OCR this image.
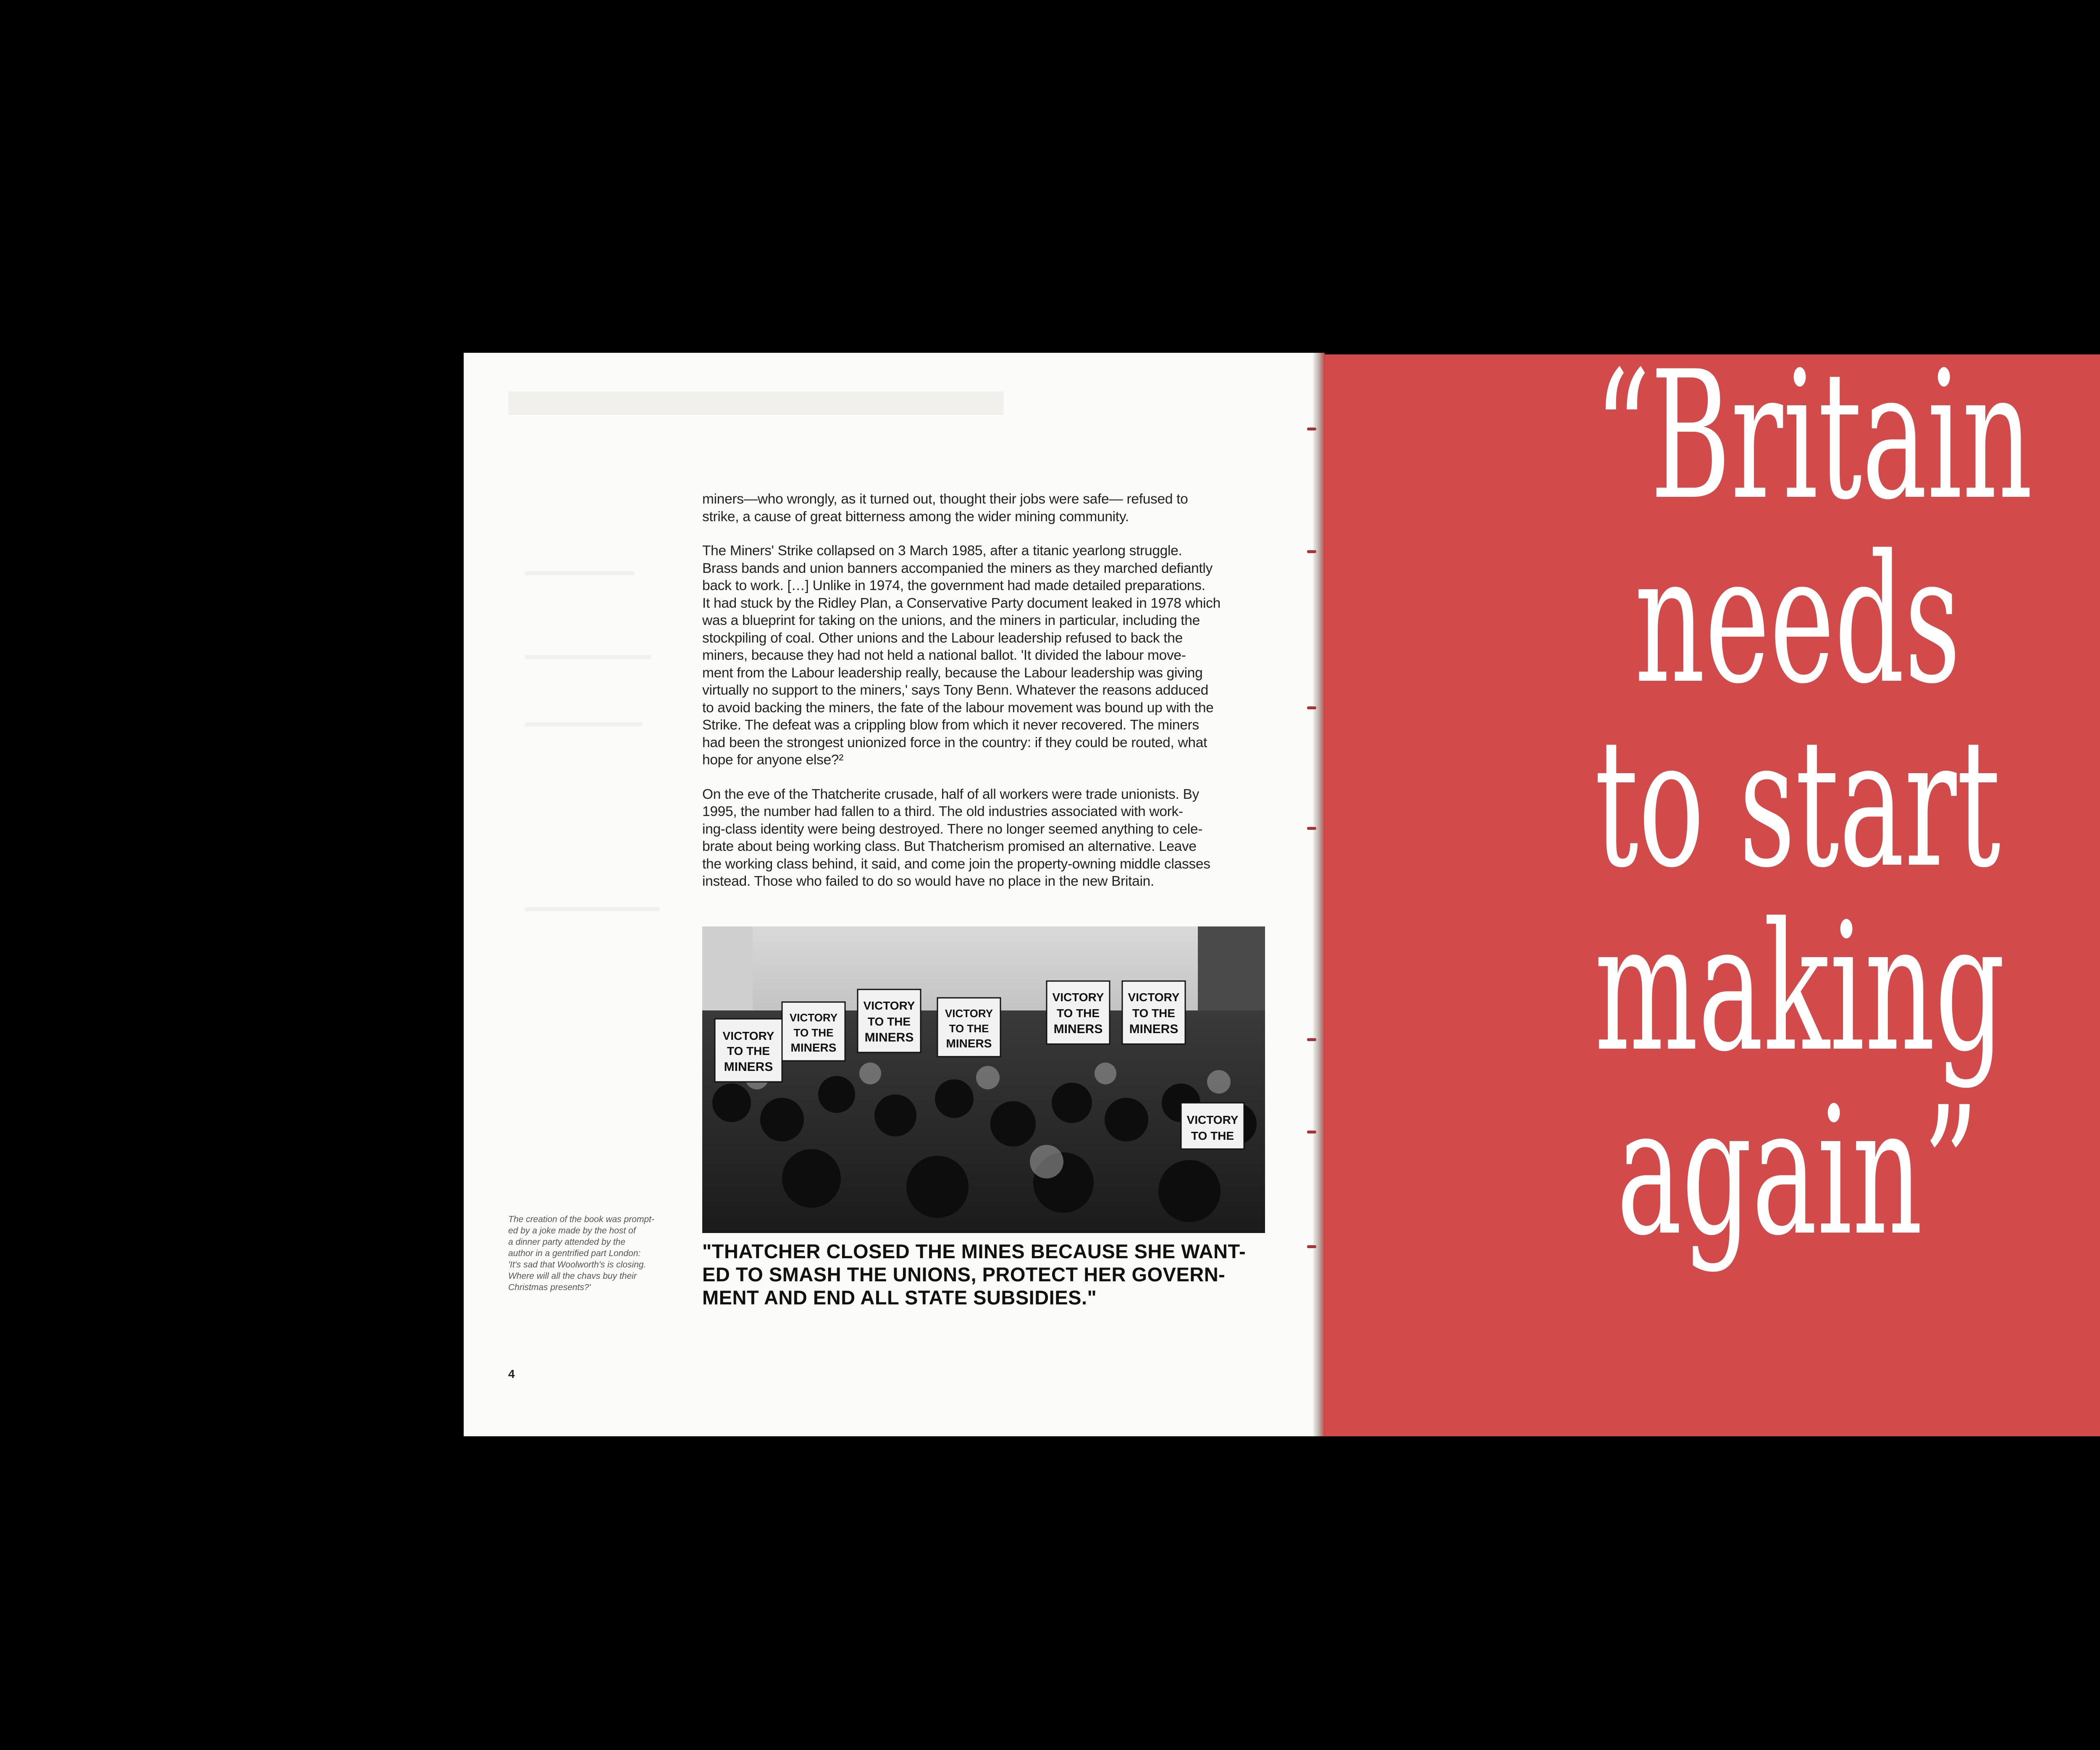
miners—who wrongly, as it turned out, thought their jobs were safe— refused to
strike, a cause of great bitterness among the wider mining community.

The Miners' Strike collapsed on 3 March 1985, after a titanic yearlong struggle.
Brass bands and union banners accompanied the miners as they marched defiantly
back to work. […] Unlike in 1974, the government had made detailed preparations.
It had stuck by the Ridley Plan, a Conservative Party document leaked in 1978 which
was a blueprint for taking on the unions, and the miners in particular, including the
stockpiling of coal. Other unions and the Labour leadership refused to back the
miners, because they had not held a national ballot. 'It divided the labour move-
ment from the Labour leadership really, because the Labour leadership was giving
virtually no support to the miners,' says Tony Benn. Whatever the reasons adduced
to avoid backing the miners, the fate of the labour movement was bound up with the
Strike. The defeat was a crippling blow from which it never recovered. The miners
had been the strongest unionized force in the country: if they could be routed, what
hope for anyone else?²

On the eve of the Thatcherite crusade, half of all workers were trade unionists. By
1995, the number had fallen to a third. The old industries associated with work-
ing-class identity were being destroyed. There no longer seemed anything to cele-
brate about being working class. But Thatcherism promised an alternative. Leave
the working class behind, it said, and come join the property-owning middle classes
instead. Those who failed to do so would have no place in the new Britain.

VICTORY
TO THE
MINERS
VICTORY
TO THE
MINERS
VICTORY
TO THE
MINERS
VICTORY
TO THE
MINERS
VICTORY
TO THE
MINERS
VICTORY
TO THE
MINERS
VICTORY
TO THE
"THATCHER CLOSED THE MINES BECAUSE SHE WANT-
ED TO SMASH THE UNIONS, PROTECT HER GOVERN-
MENT AND END ALL STATE SUBSIDIES."
The creation of the book was prompt-
ed by a joke made by the host of
a dinner party attended by the
author in a gentrified part London:
'It's sad that Woolworth's is closing.
Where will all the chavs buy their
Christmas presents?'
4
“Britain
needs
to start
making
again”
